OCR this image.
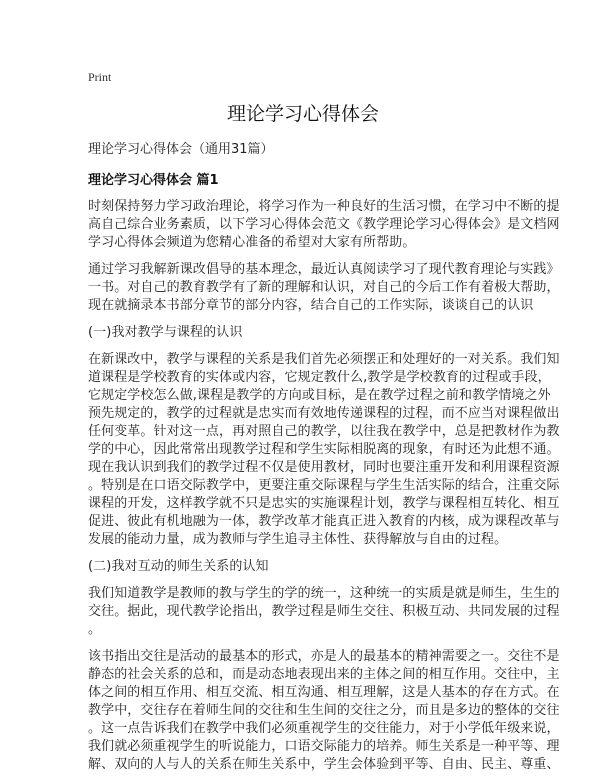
Print
理论学习心得体会
理论学习心得体会（通用31篇）
理论学习心得体会 篇1
时刻保持努力学习政治理论，将学习作为一种良好的生活习惯，在学习中不断的提
高自己综合业务素质，以下学习心得体会范文《教学理论学习心得体会》是文档网
学习心得体会频道为您精心准备的希望对大家有所帮助。
通过学习我解新课改倡导的基本理念，最近认真阅读学习了现代教育理论与实践》
一书。对自己的教育教学有了新的理解和认识，对自己的今后工作有着极大帮助，
现在就摘录本书部分章节的部分内容，结合自己的工作实际，谈谈自己的认识
(一)我对教学与课程的认识
在新课改中，教学与课程的关系是我们首先必须摆正和处理好的一对关系。我们知
道课程是学校教育的实体或内容，它规定教什么,教学是学校教育的过程或手段，
它规定学校怎么做,课程是教学的方向或目标，是在教学过程之前和教学情境之外
预先规定的，教学的过程就是忠实而有效地传递课程的过程，而不应当对课程做出
任何变革。针对这一点，再对照自己的教学，以往我在教学中，总是把教材作为教
学的中心，因此常常出现教学过程和学生实际相脱离的现象，有时还为此想不通。
现在我认识到我们的教学过程不仅是使用教材，同时也要注重开发和利用课程资源
。特别是在口语交际教学中，更要注重交际课程与学生生活实际的结合，注重交际
课程的开发，这样教学就不只是忠实的实施课程计划，教学与课程相互转化、相互
促进、彼此有机地融为一体，教学改革才能真正进入教育的内核，成为课程改革与
发展的能动力量，成为教师与学生追寻主体性、获得解放与自由的过程。
(二)我对互动的师生关系的认知
我们知道教学是教师的教与学生的学的统一，这种统一的实质是就是师生，生生的
交往。据此，现代教学论指出，教学过程是师生交往、积极互动、共同发展的过程
。
该书指出交往是活动的最基本的形式，亦是人的最基本的精神需要之一。交往不是
静态的社会关系的总和，而是动态地表现出来的主体之间的相互作用。交往中，主
体之间的相互作用、相互交流、相互沟通、相互理解，这是人基本的存在方式。在
教学中，交往存在着师生间的交往和生生间的交往之分，而且是多边的整体的交往
。这一点告诉我们在教学中我们必须重视学生的交往能力，对于小学低年级来说，
我们就必须重视学生的听说能力，口语交际能力的培养。师生关系是一种平等、理
解、双向的人与人的关系在师生关系中，学生会体验到平等、自由、民主、尊重、
